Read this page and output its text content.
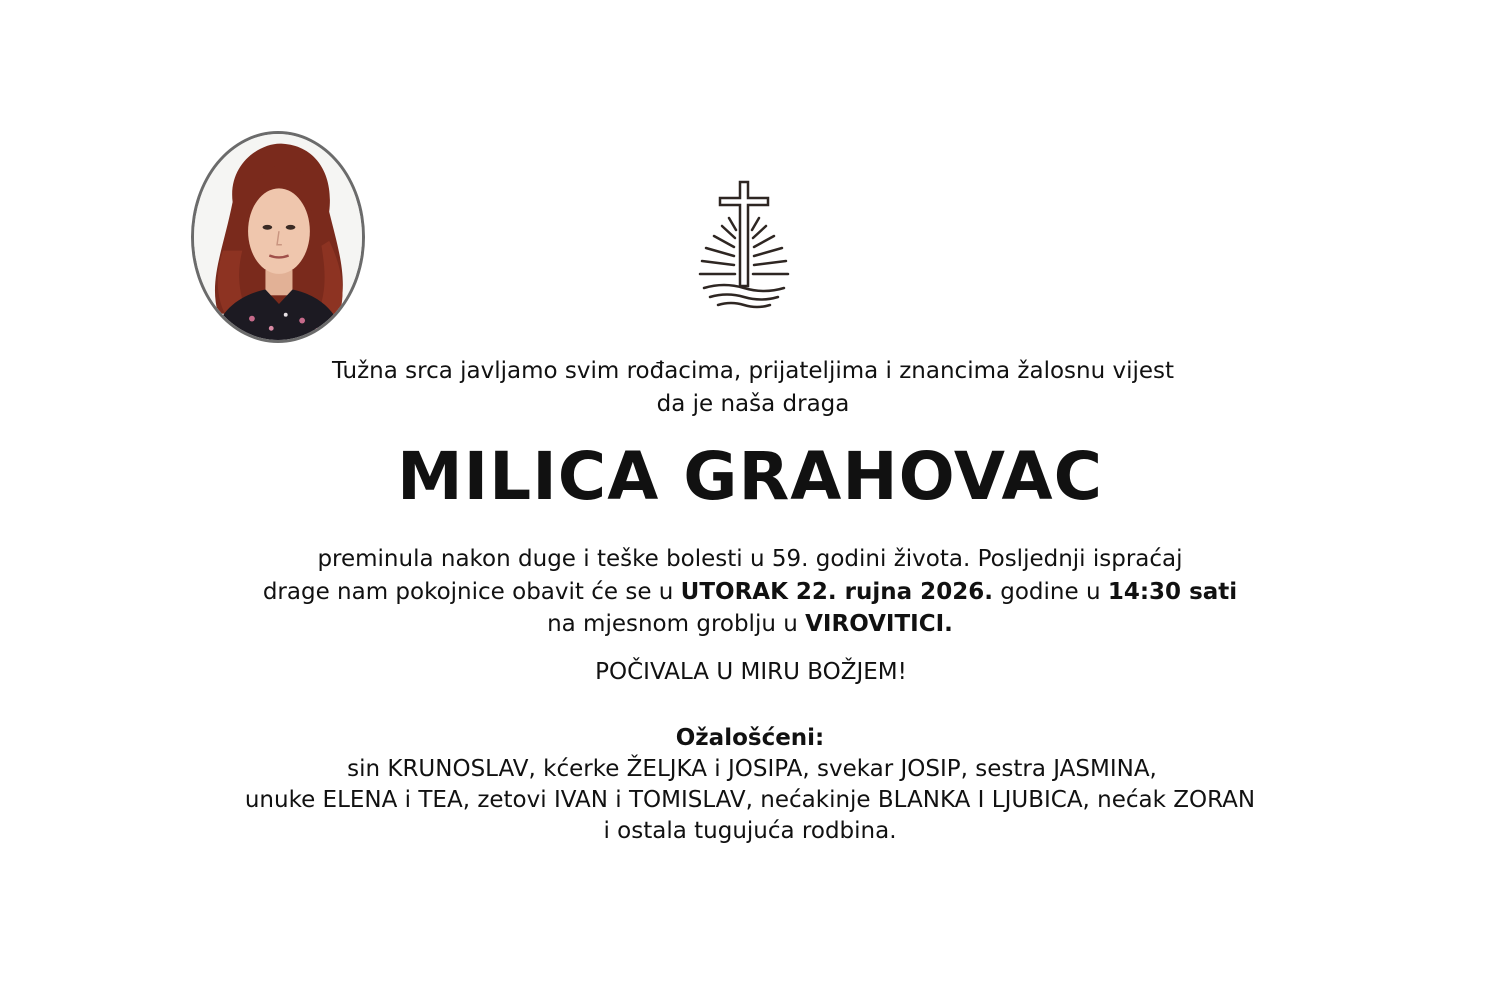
Tužna srca javljamo svim rođacima, prijateljima i znancima žalosnu vijest
da je naša draga
MILICA GRAHOVAC
preminula nakon duge i teške bolesti u 59. godini života. Posljednji ispraćaj
drage nam pokojnice obavit će se u UTORAK 22. rujna 2026. godine u 14:30 sati
na mjesnom groblju u VIROVITICI.
POČIVALA U MIRU BOŽJEM!
Ožalošćeni:
sin KRUNOSLAV, kćerke ŽELJKA i JOSIPA, svekar JOSIP, sestra JASMINA,
unuke ELENA i TEA, zetovi IVAN i TOMISLAV, nećakinje BLANKA I LJUBICA, nećak ZORAN
i ostala tugujuća rodbina.
